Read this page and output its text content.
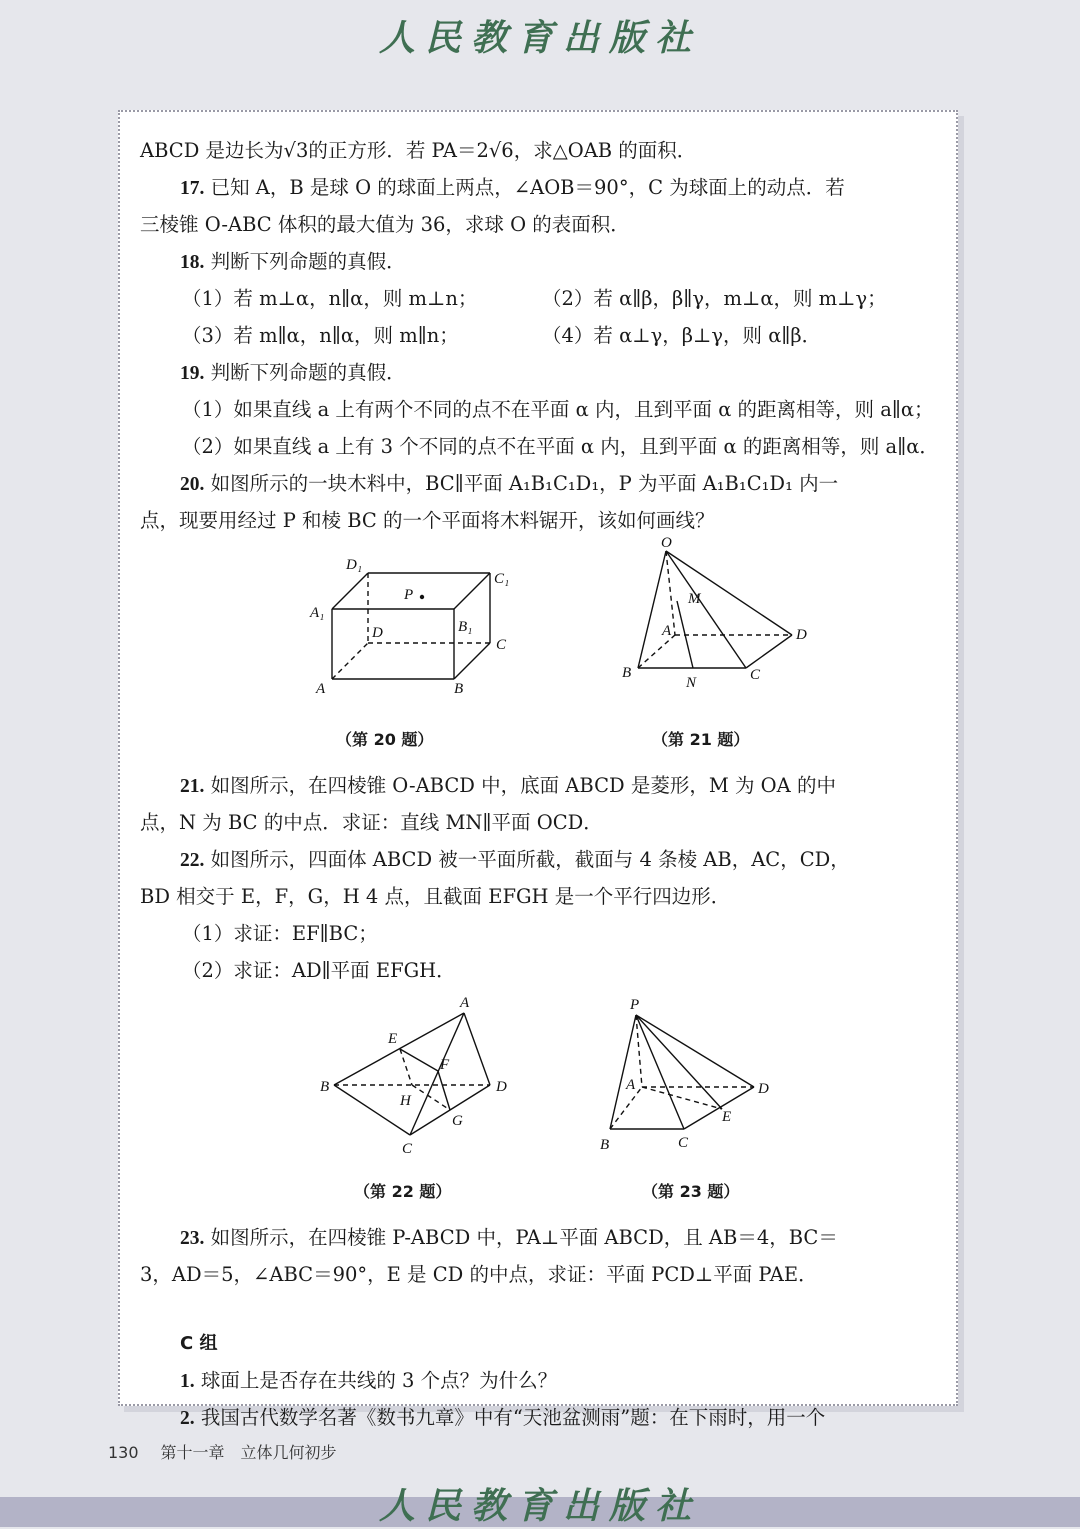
人民教育出版社
ABCD 是边长为√3的正方形．若 PA＝2√6，求△OAB 的面积．
17. 已知 A，B 是球 O 的球面上两点，∠AOB＝90°，C 为球面上的动点．若
三棱锥 O-ABC 体积的最大值为 36，求球 O 的表面积．
18. 判断下列命题的真假．
（1）若 m⊥α，n∥α，则 m⊥n；	（2）若 α∥β，β∥γ，m⊥α，则 m⊥γ；
（3）若 m∥α，n∥α，则 m∥n；	（4）若 α⊥γ，β⊥γ，则 α∥β．
19. 判断下列命题的真假．
（1）如果直线 a 上有两个不同的点不在平面 α 内，且到平面 α 的距离相等，则 a∥α；
（2）如果直线 a 上有 3 个不同的点不在平面 α 内，且到平面 α 的距离相等，则 a∥α．
20. 如图所示的一块木料中，BC∥平面 A₁B₁C₁D₁，P 为平面 A₁B₁C₁D₁ 内一
点，现要用经过 P 和棱 BC 的一个平面将木料锯开，该如何画线？
D₁
C₁
A₁
B₁
P
D
C
A	B
（第 20 题）
O
M
A	D
B
N	C
（第 21 题）
21. 如图所示，在四棱锥 O-ABCD 中，底面 ABCD 是菱形，M 为 OA 的中
点，N 为 BC 的中点．求证：直线 MN∥平面 OCD．
22. 如图所示，四面体 ABCD 被一平面所截，截面与 4 条棱 AB，AC，CD，
BD 相交于 E，F，G，H 4 点，且截面 EFGH 是一个平行四边形．
（1）求证：EF∥BC；
（2）求证：AD∥平面 EFGH．
A
E
F
B	D
H
G
C
（第 22 题）
P
A	D
E
B	C
（第 23 题）
23. 如图所示，在四棱锥 P-ABCD 中，PA⊥平面 ABCD，且 AB＝4，BC＝
3，AD＝5，∠ABC＝90°，E 是 CD 的中点，求证：平面 PCD⊥平面 PAE．
C 组
1. 球面上是否存在共线的 3 个点？为什么？
2. 我国古代数学名著《数书九章》中有“天池盆测雨”题：在下雨时，用一个
130 第十一章　立体几何初步
人民教育出版社
